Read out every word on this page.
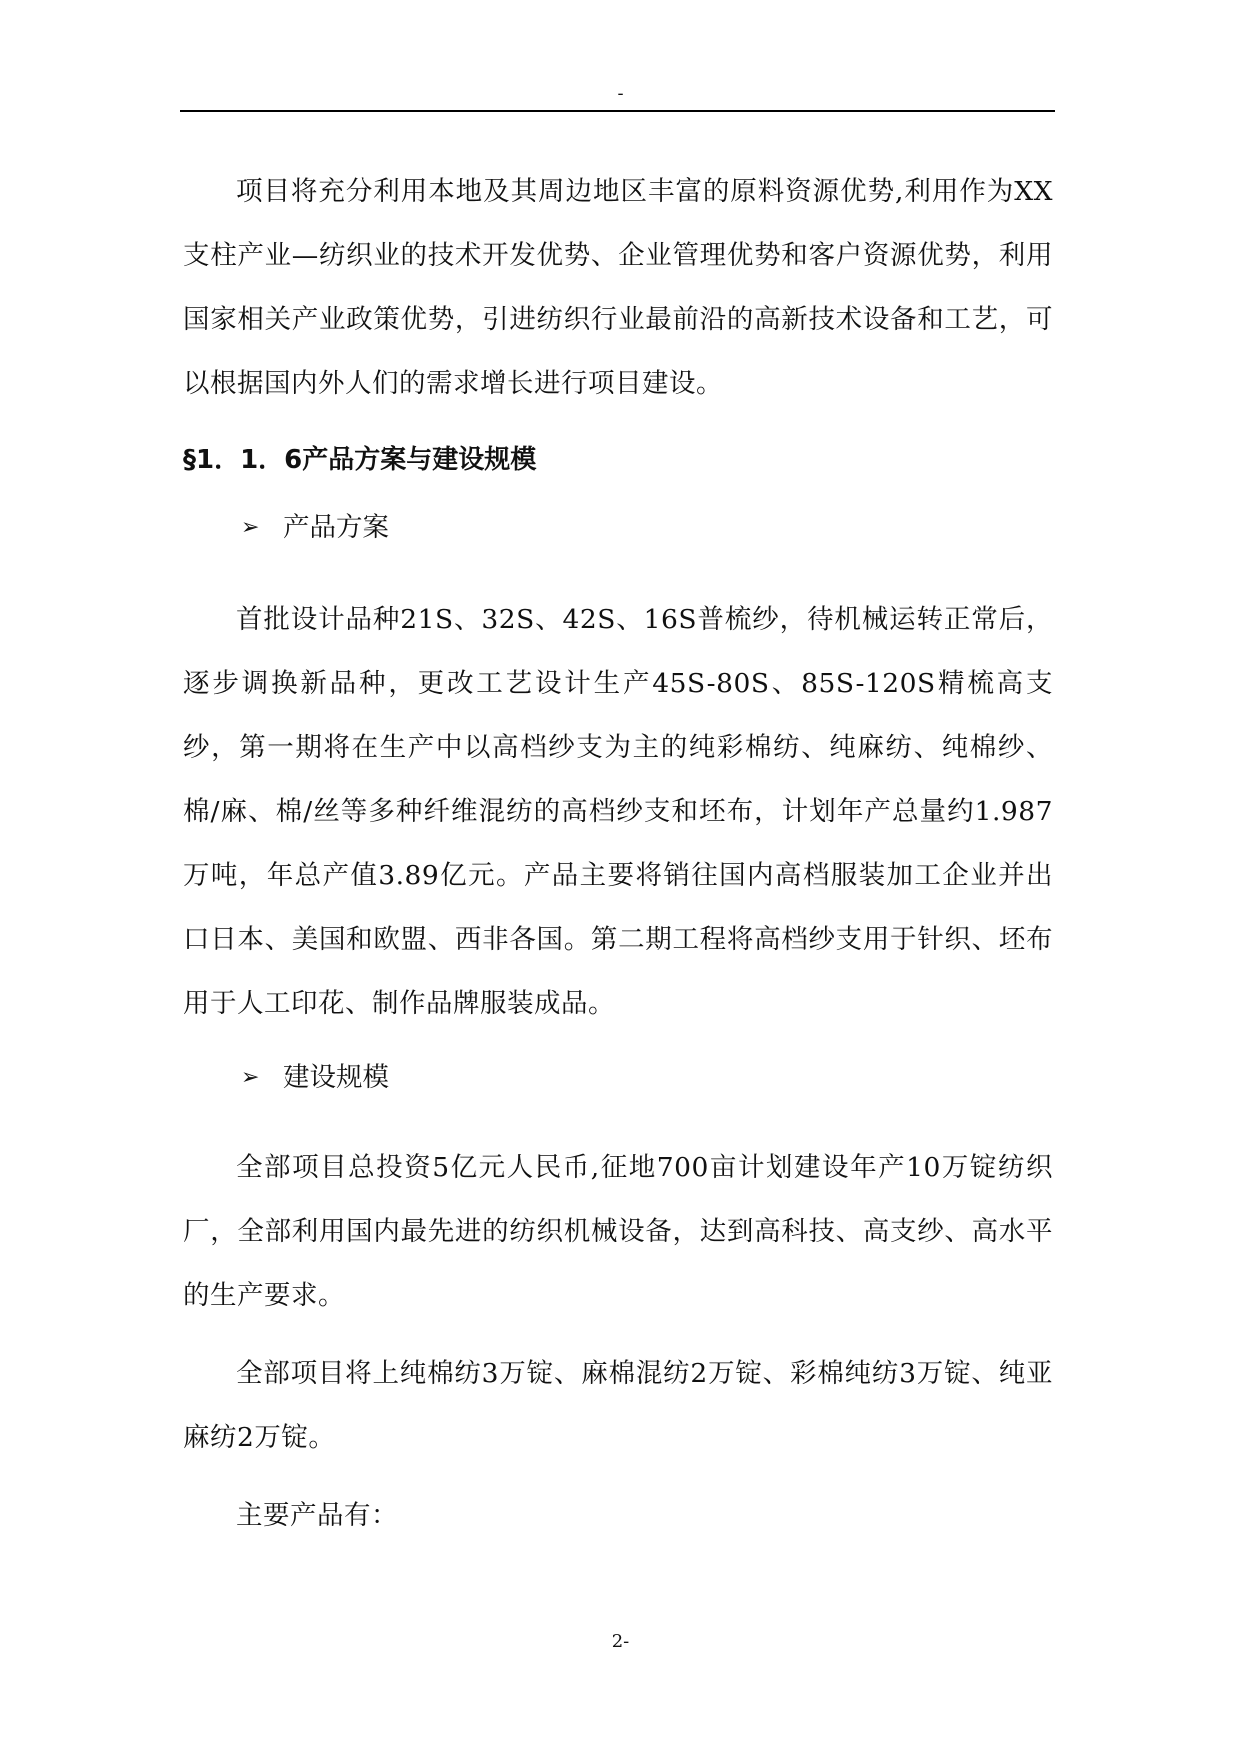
-

项目将充分利用本地及其周边地区丰富的原料资源优势,利用作为XX支柱产业—纺织业的技术开发优势、企业管理优势和客户资源优势，利用国家相关产业政策优势，引进纺织行业最前沿的高新技术设备和工艺，可以根据国内外人们的需求增长进行项目建设。

§1．1．6产品方案与建设规模

➢ 产品方案

首批设计品种21S、32S、42S、16S普梳纱，待机械运转正常后，逐步调换新品种，更改工艺设计生产45S-80S、85S-120S精梳高支纱，第一期将在生产中以高档纱支为主的纯彩棉纺、纯麻纺、纯棉纱、棉/麻、棉/丝等多种纤维混纺的高档纱支和坯布，计划年产总量约1.987万吨，年总产值3.89亿元。产品主要将销往国内高档服装加工企业并出口日本、美国和欧盟、西非各国。第二期工程将高档纱支用于针织、坯布用于人工印花、制作品牌服装成品。

➢ 建设规模

全部项目总投资5亿元人民币,征地700亩计划建设年产10万锭纺织厂，全部利用国内最先进的纺织机械设备，达到高科技、高支纱、高水平的生产要求。

全部项目将上纯棉纺3万锭、麻棉混纺2万锭、彩棉纯纺3万锭、纯亚麻纺2万锭。

主要产品有：

2-
